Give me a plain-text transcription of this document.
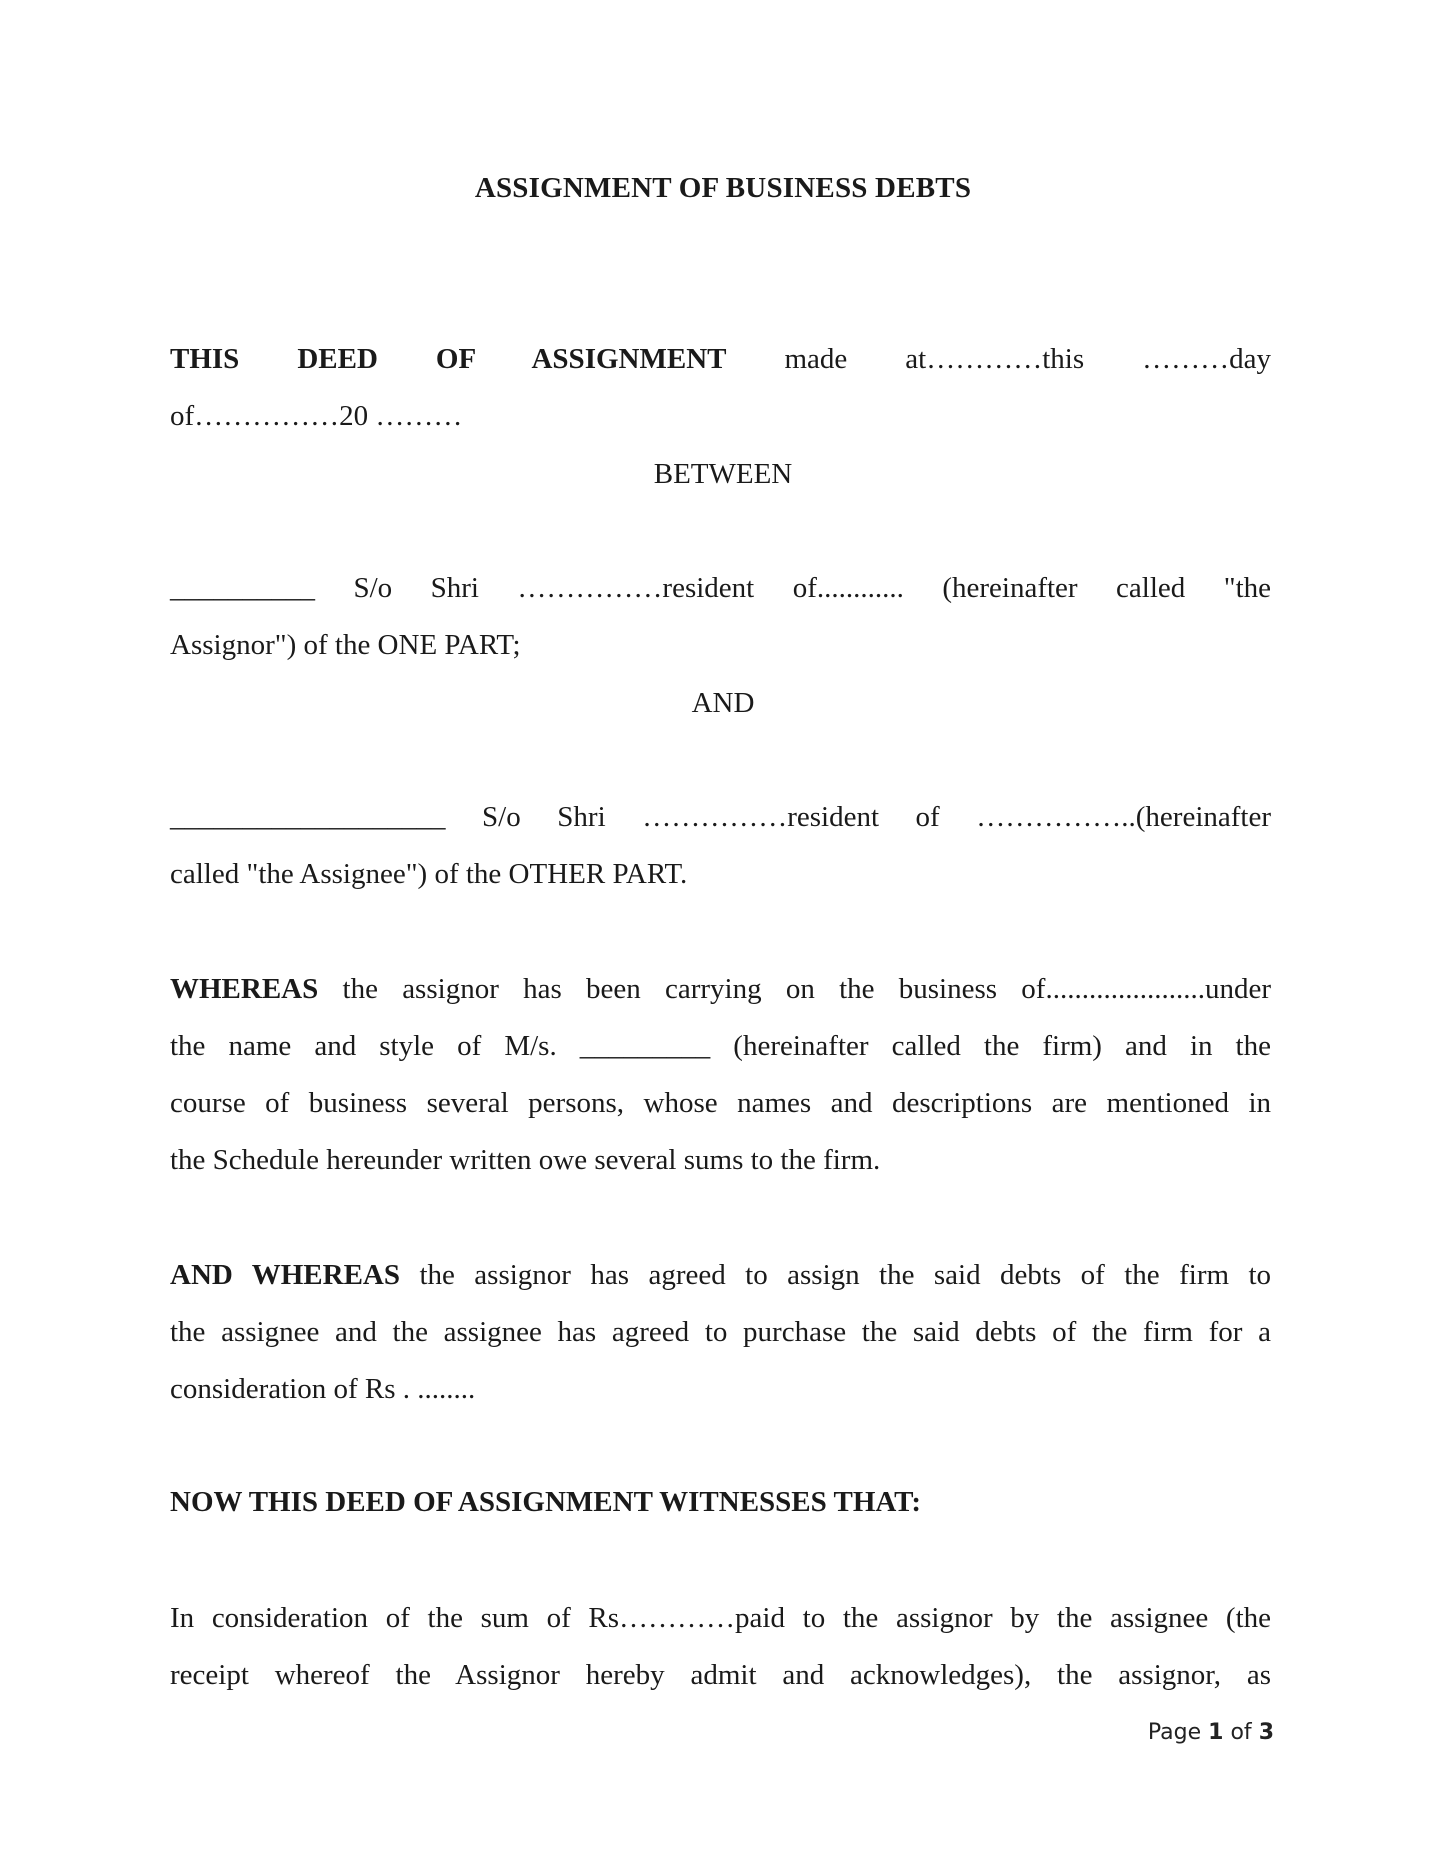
ASSIGNMENT OF BUSINESS DEBTS
THIS DEED OF ASSIGNMENT made at…………this ………day
of……………20 ………
BETWEEN
__________ S/o Shri ……………resident of............ (hereinafter called "the
Assignor") of the ONE PART;
AND
___________________ S/o Shri ……………resident of ……………..(hereinafter
called "the Assignee") of the OTHER PART.
WHEREAS the assignor has been carrying on the business of......................under
the name and style of M/s. _________ (hereinafter called the firm) and in the
course of business several persons, whose names and descriptions are mentioned in
the Schedule hereunder written owe several sums to the firm.
AND WHEREAS the assignor has agreed to assign the said debts of the firm to
the assignee and the assignee has agreed to purchase the said debts of the firm for a
consideration of Rs . ........
NOW THIS DEED OF ASSIGNMENT WITNESSES THAT:
In consideration of the sum of Rs…………paid to the assignor by the assignee (the
receipt whereof the Assignor hereby admit and acknowledges), the assignor, as
Page 1 of 3
